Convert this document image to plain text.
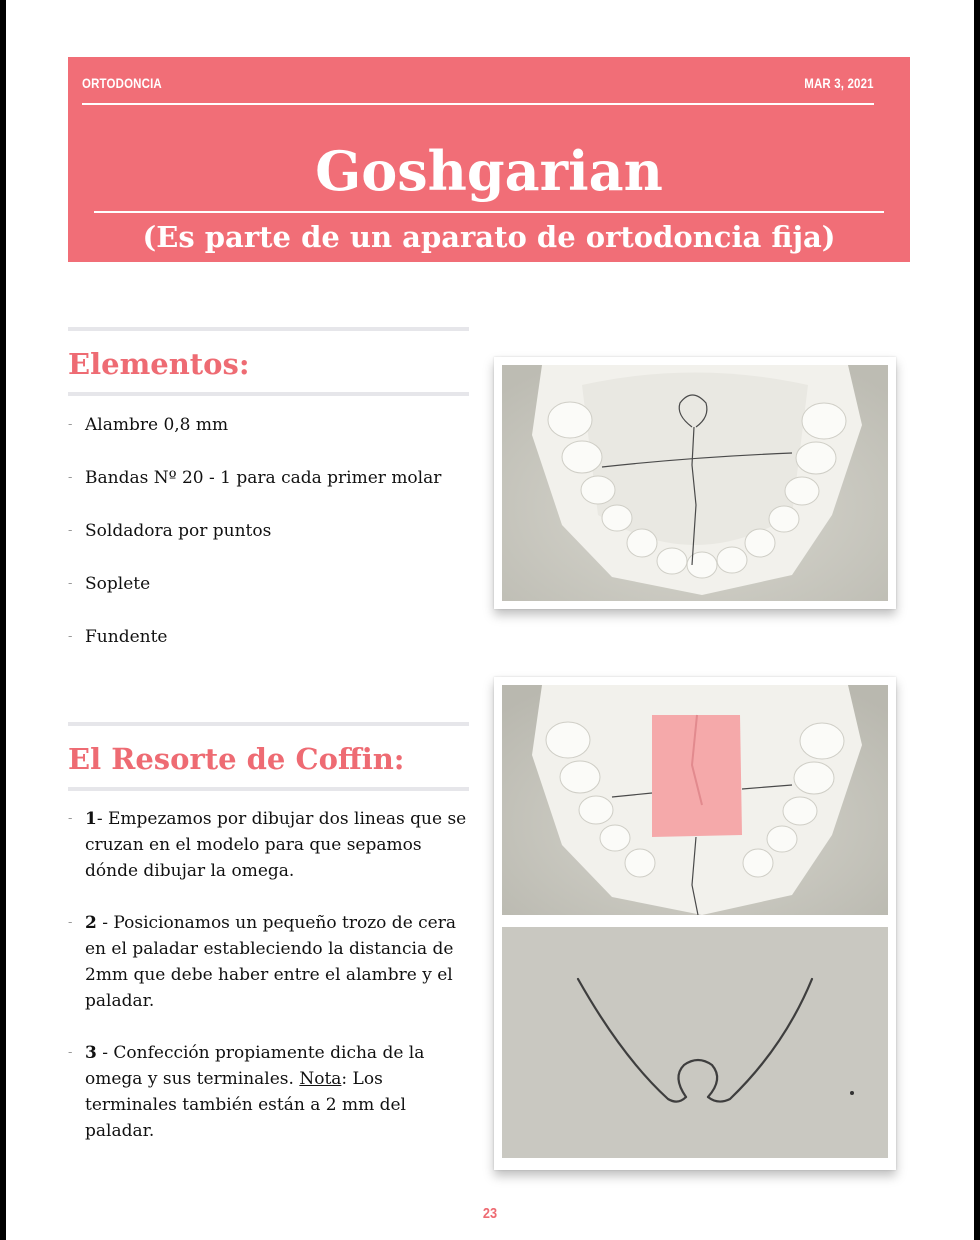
ORTODONCIA	MAR 3, 2021
Goshgarian
(Es parte de un aparato de ortodoncia fija)
Elementos:
- Alambre 0,8 mm
- Bandas Nº 20 - 1 para cada primer molar
- Soldadora por puntos
- Soplete
- Fundente
El Resorte de Coffin:
- 1- Empezamos por dibujar dos lineas que se cruzan en el modelo para que sepamos dónde dibujar la omega.
- 2 - Posicionamos un pequeño trozo de cera en el paladar estableciendo la distancia de 2mm que debe haber entre el alambre y el paladar.
- 3 - Confección propiamente dicha de la omega y sus terminales. Nota: Los terminales también están a 2 mm del paladar.
23
